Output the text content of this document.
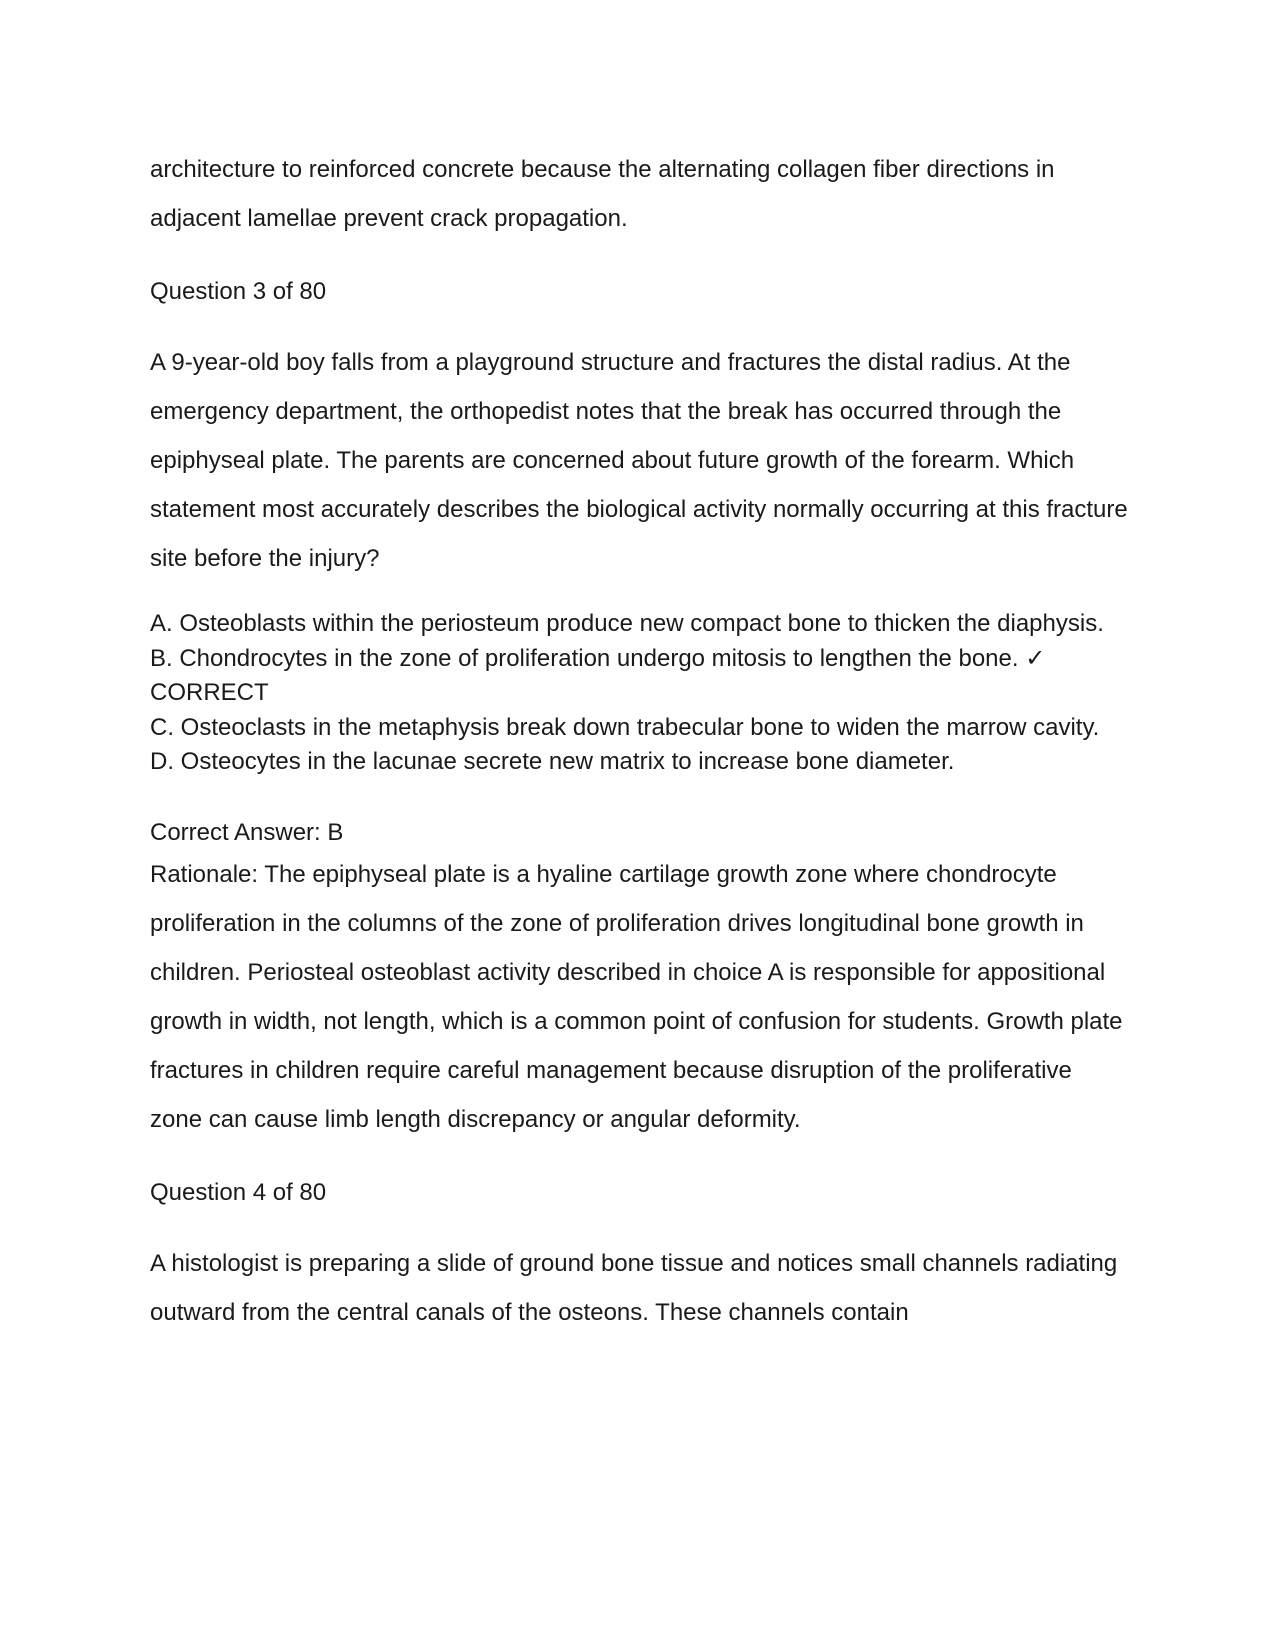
architecture to reinforced concrete because the alternating collagen fiber directions in adjacent lamellae prevent crack propagation.

Question 3 of 80

A 9-year-old boy falls from a playground structure and fractures the distal radius. At the emergency department, the orthopedist notes that the break has occurred through the epiphyseal plate. The parents are concerned about future growth of the forearm. Which statement most accurately describes the biological activity normally occurring at this fracture site before the injury?

A. Osteoblasts within the periosteum produce new compact bone to thicken the diaphysis.

B. Chondrocytes in the zone of proliferation undergo mitosis to lengthen the bone. ✓ CORRECT

C. Osteoclasts in the metaphysis break down trabecular bone to widen the marrow cavity.

D. Osteocytes in the lacunae secrete new matrix to increase bone diameter.

Correct Answer: B

Rationale: The epiphyseal plate is a hyaline cartilage growth zone where chondrocyte proliferation in the columns of the zone of proliferation drives longitudinal bone growth in children. Periosteal osteoblast activity described in choice A is responsible for appositional growth in width, not length, which is a common point of confusion for students. Growth plate fractures in children require careful management because disruption of the proliferative zone can cause limb length discrepancy or angular deformity.

Question 4 of 80

A histologist is preparing a slide of ground bone tissue and notices small channels radiating outward from the central canals of the osteons. These channels contain
